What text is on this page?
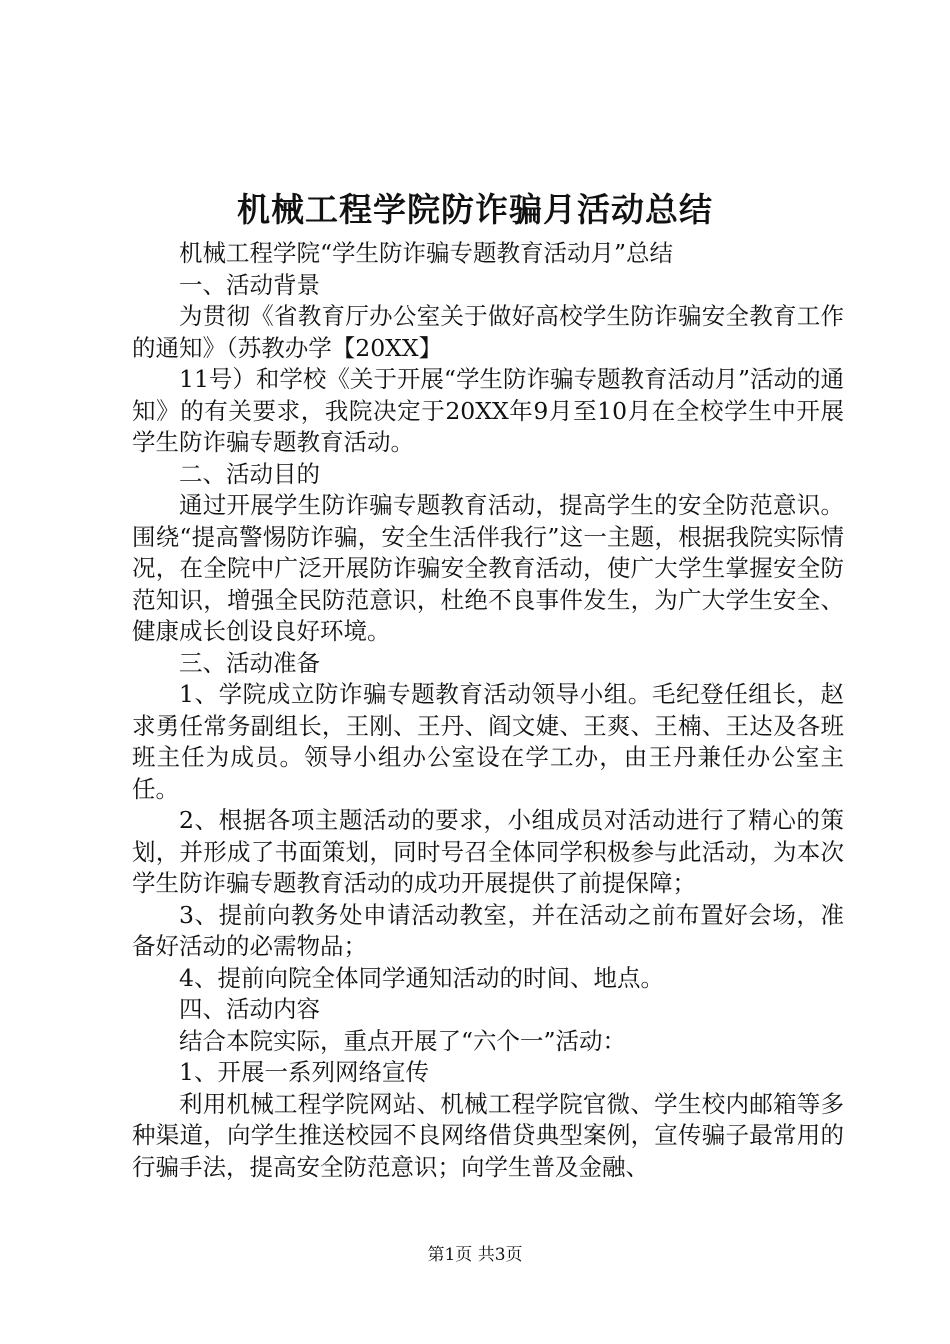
机械工程学院防诈骗月活动总结

机械工程学院“学生防诈骗专题教育活动月”总结

一、活动背景

为贯彻《省教育厅办公室关于做好高校学生防诈骗安全教育工作的通知》（苏教办学【20XX】

11号）和学校《关于开展“学生防诈骗专题教育活动月”活动的通知》的有关要求，我院决定于20XX年9月至10月在全校学生中开展学生防诈骗专题教育活动。

二、活动目的

通过开展学生防诈骗专题教育活动，提高学生的安全防范意识。围绕“提高警惕防诈骗，安全生活伴我行”这一主题，根据我院实际情况，在全院中广泛开展防诈骗安全教育活动，使广大学生掌握安全防范知识，增强全民防范意识，杜绝不良事件发生，为广大学生安全、健康成长创设良好环境。

三、活动准备

1、学院成立防诈骗专题教育活动领导小组。毛纪登任组长，赵求勇任常务副组长，王刚、王丹、阎文婕、王爽、王楠、王达及各班班主任为成员。领导小组办公室设在学工办，由王丹兼任办公室主任。

2、根据各项主题活动的要求，小组成员对活动进行了精心的策划，并形成了书面策划，同时号召全体同学积极参与此活动，为本次学生防诈骗专题教育活动的成功开展提供了前提保障；

3、提前向教务处申请活动教室，并在活动之前布置好会场，准备好活动的必需物品；

4、提前向院全体同学通知活动的时间、地点。

四、活动内容

结合本院实际，重点开展了“六个一”活动：

1、开展一系列网络宣传

利用机械工程学院网站、机械工程学院官微、学生校内邮箱等多种渠道，向学生推送校园不良网络借贷典型案例，宣传骗子最常用的行骗手法，提高安全防范意识；向学生普及金融、

第1页 共3页
